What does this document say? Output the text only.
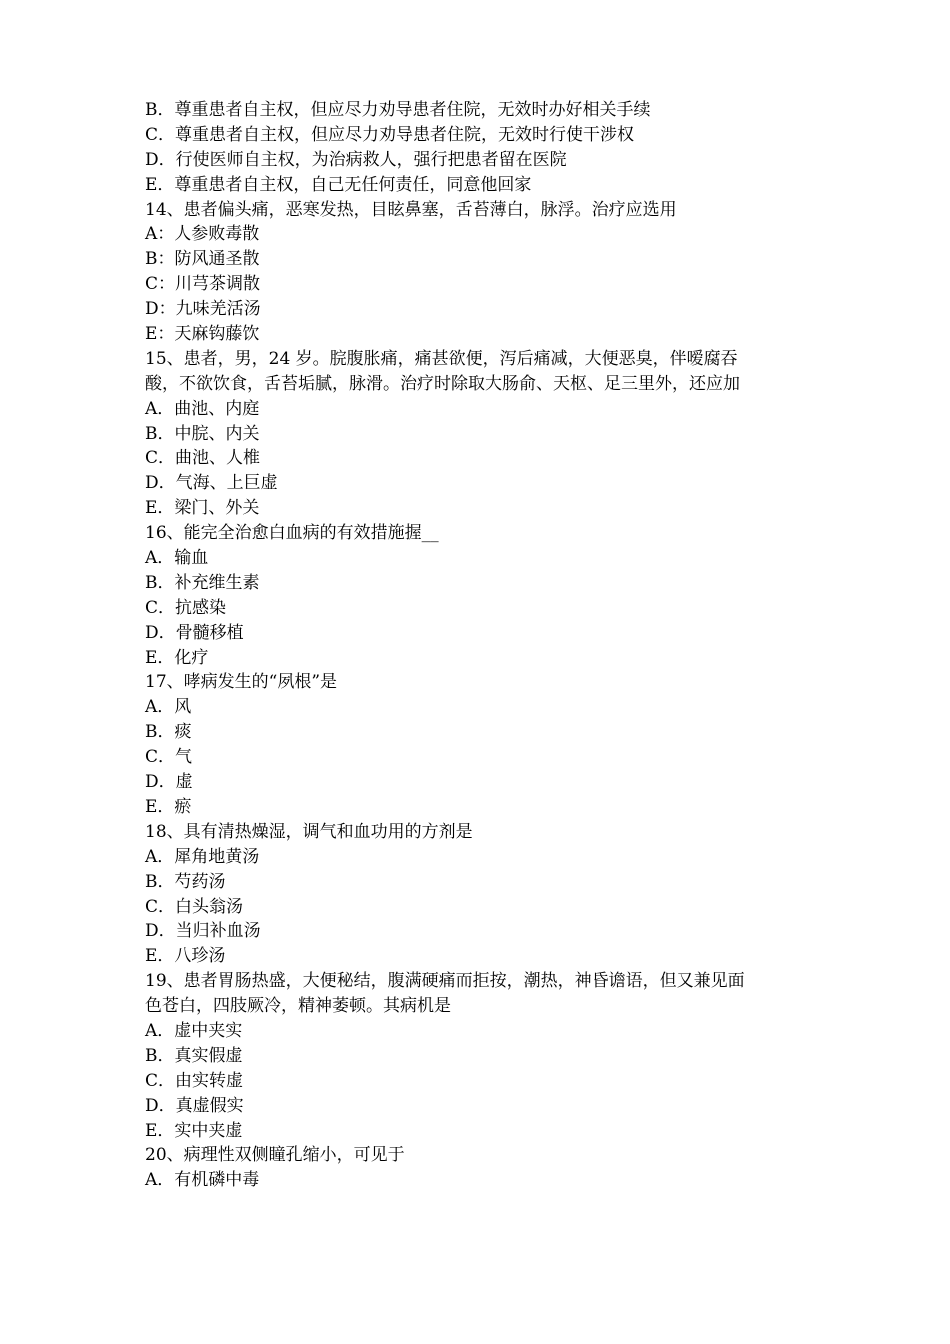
B．尊重患者自主权，但应尽力劝导患者住院，无效时办好相关手续
C．尊重患者自主权，但应尽力劝导患者住院，无效时行使干涉权
D．行使医师自主权，为治病救人，强行把患者留在医院
E．尊重患者自主权，自己无任何责任，同意他回家
14、患者偏头痛，恶寒发热，目眩鼻塞，舌苔薄白，脉浮。治疗应选用
A：人参败毒散
B：防风通圣散
C：川芎茶调散
D：九味羌活汤
E：天麻钩藤饮
15、患者，男，24 岁。脘腹胀痛，痛甚欲便，泻后痛减，大便恶臭，伴嗳腐吞
酸，不欲饮食，舌苔垢腻，脉滑。治疗时除取大肠俞、天枢、足三里外，还应加
A．曲池、内庭
B．中脘、内关
C．曲池、人椎
D．气海、上巨虚
E．梁门、外关
16、能完全治愈白血病的有效措施握__
A．输血
B．补充维生素
C．抗感染
D．骨髓移植
E．化疗
17、哮病发生的“夙根”是
A．风
B．痰
C．气
D．虚
E．瘀
18、具有清热燥湿，调气和血功用的方剂是
A．犀角地黄汤
B．芍药汤
C．白头翁汤
D．当归补血汤
E．八珍汤
19、患者胃肠热盛，大便秘结，腹满硬痛而拒按，潮热，神昏谵语，但又兼见面
色苍白，四肢厥冷，精神萎顿。其病机是
A．虚中夹实
B．真实假虚
C．由实转虚
D．真虚假实
E．实中夹虚
20、病理性双侧瞳孔缩小，可见于
A．有机磷中毒
